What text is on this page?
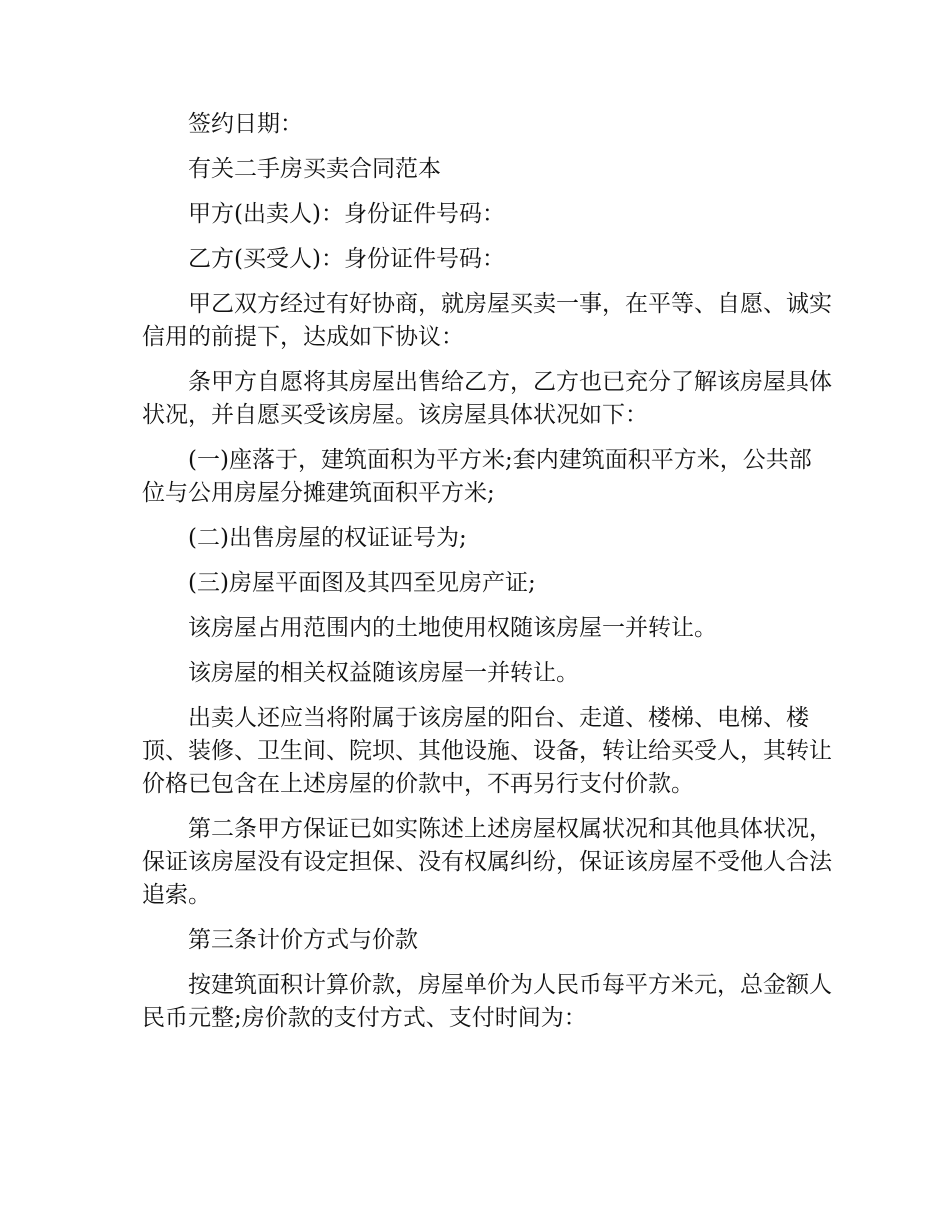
签约日期：

有关二手房买卖合同范本

甲方(出卖人)：身份证件号码：

乙方(买受人)：身份证件号码：

甲乙双方经过有好协商，就房屋买卖一事，在平等、自愿、诚实信用的前提下，达成如下协议：

条甲方自愿将其房屋出售给乙方，乙方也已充分了解该房屋具体状况，并自愿买受该房屋。该房屋具体状况如下：

(一)座落于，建筑面积为平方米;套内建筑面积平方米，公共部位与公用房屋分摊建筑面积平方米;

(二)出售房屋的权证证号为;

(三)房屋平面图及其四至见房产证;

该房屋占用范围内的土地使用权随该房屋一并转让。

该房屋的相关权益随该房屋一并转让。

出卖人还应当将附属于该房屋的阳台、走道、楼梯、电梯、楼顶、装修、卫生间、院坝、其他设施、设备，转让给买受人，其转让价格已包含在上述房屋的价款中，不再另行支付价款。

第二条甲方保证已如实陈述上述房屋权属状况和其他具体状况，保证该房屋没有设定担保、没有权属纠纷，保证该房屋不受他人合法追索。

第三条计价方式与价款

按建筑面积计算价款，房屋单价为人民币每平方米元，总金额人民币元整;房价款的支付方式、支付时间为：
